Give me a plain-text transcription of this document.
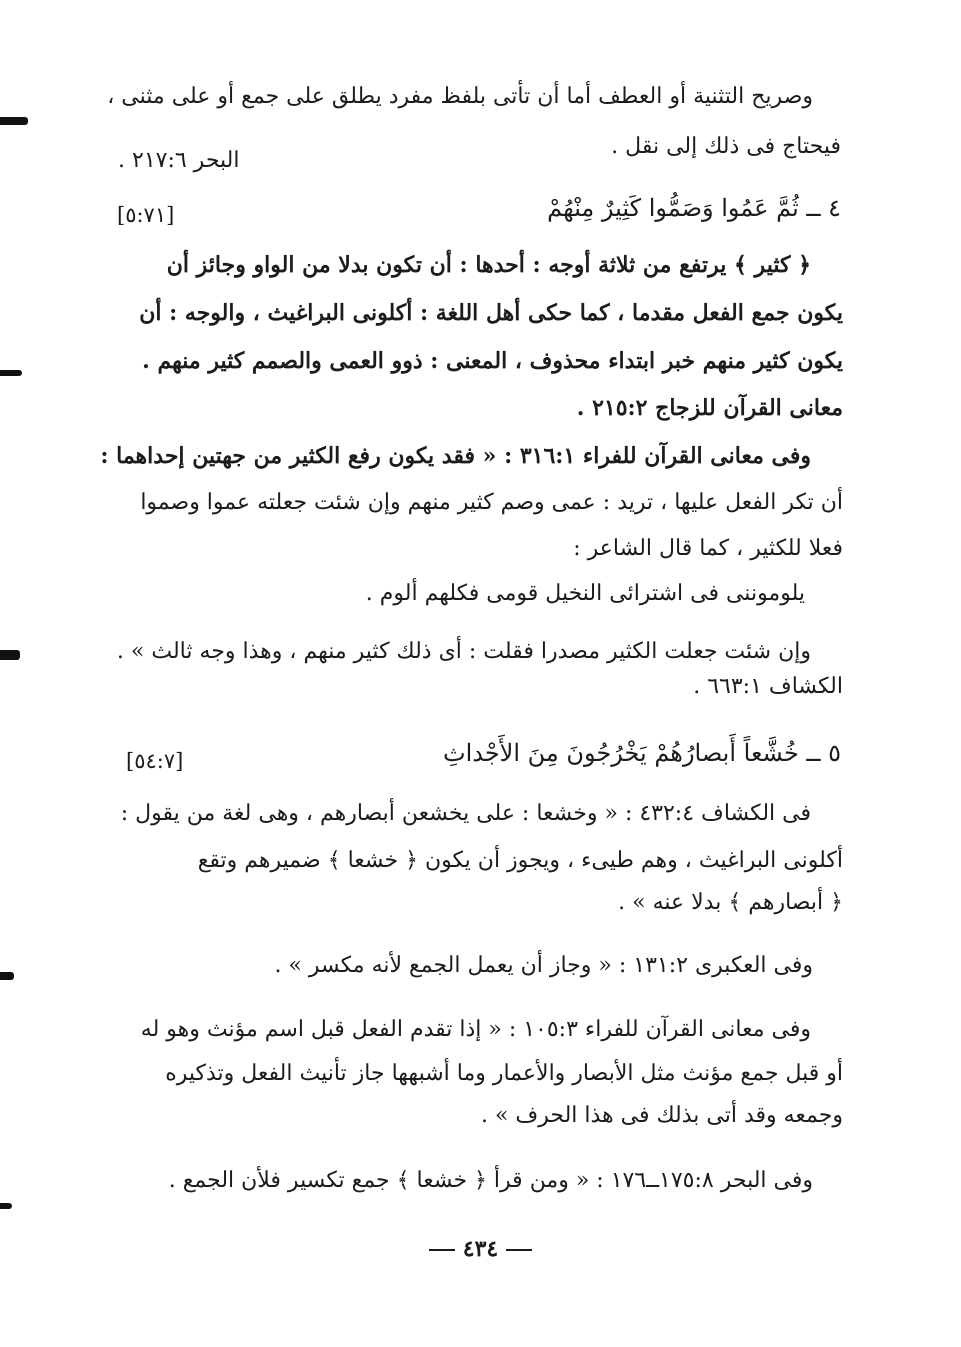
وصريح التثنية أو العطف أما أن تأتى بلفظ مفرد يطلق على جمع أو على مثنى ،
فيحتاج فى ذلك إلى نقل .
البحر ٢١٧:٦ .
٤ ــ ثُمَّ عَمُوا وَصَمُّوا كَثِيرٌ مِنْهُمْ
[٥:٧١]
﴿ كثير ﴾ يرتفع من ثلاثة أوجه : أحدها : أن تكون بدلا من الواو وجائز أن
يكون جمع الفعل مقدما ، كما حكى أهل اللغة : أكلونى البراغيث ، والوجه : أن
يكون كثير منهم خبر ابتداء محذوف ، المعنى : ذوو العمى والصمم كثير منهم .
معانى القرآن للزجاج ٢١٥:٢ .
وفى معانى القرآن للفراء ٣١٦:١ : « فقد يكون رفع الكثير من جهتين إحداهما :
أن تكر الفعل عليها ، تريد : عمى وصم كثير منهم وإن شئت جعلته عموا وصموا
فعلا للكثير ، كما قال الشاعر :
يلوموننى فى اشترائى النخيل قومى فكلهم ألوم .
وإن شئت جعلت الكثير مصدرا فقلت : أى ذلك كثير منهم ، وهذا وجه ثالث » .
الكشاف ٦٦٣:١ .
٥ ــ خُشَّعاً أَبصارُهُمْ يَخْرُجُونَ مِنَ الأَجْداثِ
[٥٤:٧]
فى الكشاف ٤٣٢:٤ : « وخشعا : على يخشعن أبصارهم ، وهى لغة من يقول :
أكلونى البراغيث ، وهم طيىء ، ويجوز أن يكون ﴿ خشعا ﴾ ضميرهم وتقع
﴿ أبصارهم ﴾ بدلا عنه » .
وفى العكبرى ١٣١:٢ : « وجاز أن يعمل الجمع لأنه مكسر » .
وفى معانى القرآن للفراء ١٠٥:٣ : « إذا تقدم الفعل قبل اسم مؤنث وهو له
أو قبل جمع مؤنث مثل الأبصار والأعمار وما أشبهها جاز تأنيث الفعل وتذكيره
وجمعه وقد أتى بذلك فى هذا الحرف » .
وفى البحر ١٧٥:٨ــ١٧٦ : « ومن قرأ ﴿ خشعا ﴾ جمع تكسير فلأن الجمع .
٤٣٤
